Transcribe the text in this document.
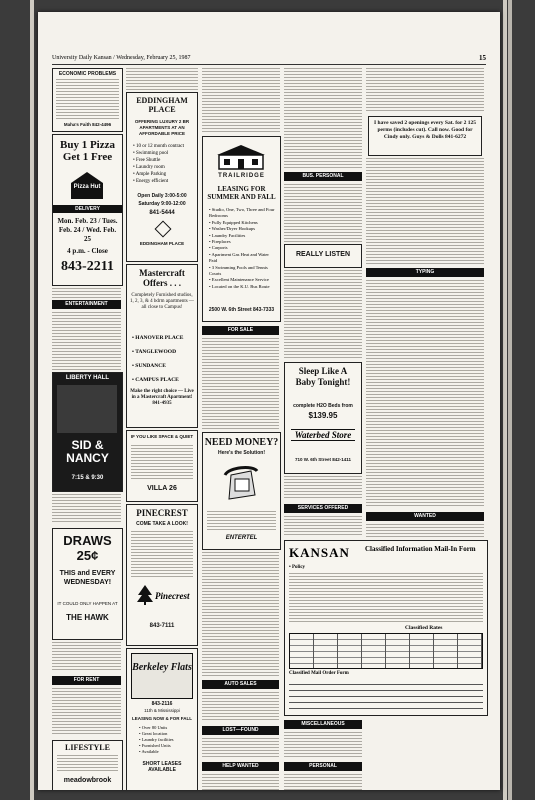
University Daily Kansan / Wednesday, February 25, 1987	15
ECONOMIC PROBLEMS
Maha's Faith 842-4496
Buy 1 Pizza Get 1 Free
Pizza Hut
DELIVERY
Mon. Feb. 23 / Tues. Feb. 24 / Wed. Feb. 25
4 p.m. - Close
843-2211
ENTERTAINMENT
LIBERTY HALL
SID & NANCY
7:15 & 9:30
DRAWS 25¢
THIS and EVERY WEDNESDAY!
IT COULD ONLY HAPPEN AT
THE HAWK
FOR RENT
LIFESTYLE
meadowbrook
EDDINGHAM PLACE
OFFERING LUXURY 2 BR APARTMENTS AT AN AFFORDABLE PRICE
• 10 or 12 month contract
• Swimming pool
• Free Shuttle
• Laundry room
• Ample Parking
• Energy efficient
Open Daily 3:00-5:00
Saturday 9:00-12:00
841-5444
EDDINGHAM PLACE
Mastercraft Offers . . .
Completely Furnished studios, 1, 2, 3, & 4 bdrm apartments — all close to Campus!
• HANOVER PLACE
• TANGLEWOOD
• SUNDANCE
• CAMPUS PLACE
Make the right choice — Live in a Mastercraft Apartment! 841-4935
IF YOU LIKE SPACE & QUIET
VILLA 26
PINECREST
COME TAKE A LOOK!
Pinecrest
843-7111
Berkeley Flats
843-2116
11th & Mississippi
LEASING NOW & FOR FALL
• Over 80 Units
• Great location
• Laundry facilities
• Furnished Units
• Available
SHORT LEASES AVAILABLE
TRAILRIDGE
LEASING FOR SUMMER AND FALL
• Studio, One, Two, Three and Four Bedrooms
• Fully Equipped Kitchens
• Washer/Dryer Hookups
• Laundry Facilities
• Fireplaces
• Carports
• Apartment Gas Heat and Water Paid
• 3 Swimming Pools and Tennis Courts
• Excellent Maintenance Service
• Located on the K.U. Bus Route
2500 W. 6th Street 843-7333
FOR SALE
NEED MONEY?
Here's the Solution!
ENTERTEL
AUTO SALES
LOST—FOUND
HELP WANTED
BUS. PERSONAL
REALLY LISTEN
Sleep Like A Baby Tonight!
complete H2O Beds from
$139.95
Waterbed Store
710 W. 6th Street 842-1411
SERVICES OFFERED
KANSAN	Classified Information Mail-In Form
• Policy
Classified Rates
Classified Mail Order Form
MISCELLANEOUS
PERSONAL
I have saved 2 openings every Sat. for 2 125 perms (includes cut). Call now. Good for Cindy only. Guys & Dolls 841-6272
TYPING
WANTED
